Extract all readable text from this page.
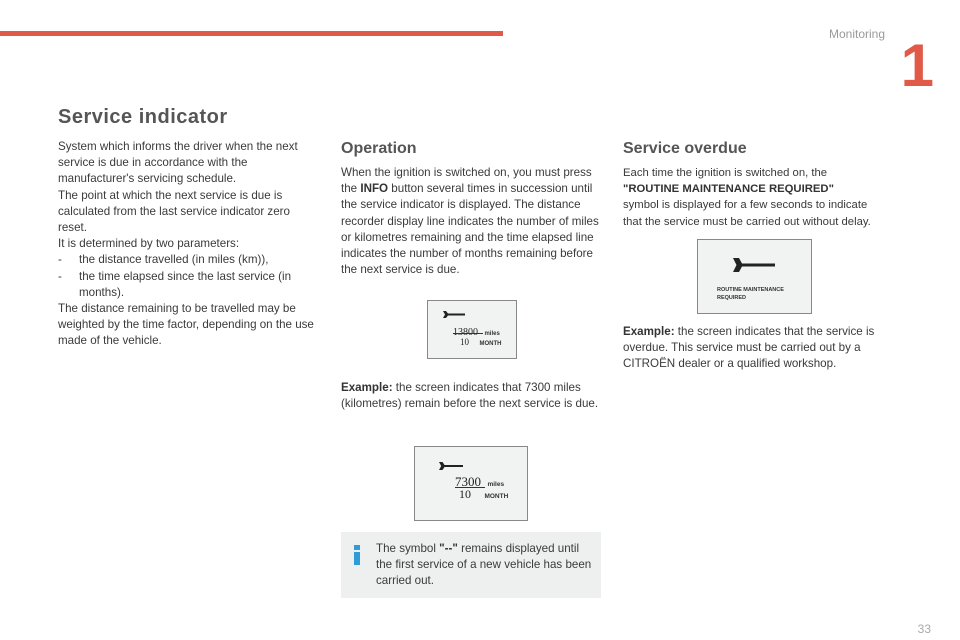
Monitoring 1
Service indicator

System which informs the driver when the next service is due in accordance with the manufacturer's servicing schedule.

The point at which the next service is due is calculated from the last service indicator zero reset.

It is determined by two parameters:

-	the distance travelled (in miles (km)),
-	the time elapsed since the last service (in months).

The distance remaining to be travelled may be weighted by the time factor, depending on the use made of the vehicle.

Operation
When the ignition is switched on, you must press the INFO button several times in succession until the service indicator is displayed. The distance recorder display line indicates the number of miles or kilometres remaining and the time elapsed line indicates the number of months remaining before the next service is due.
13800 miles
10 MONTH
Example: the screen indicates that 7300 miles (kilometres) remain before the next service is due.
7300 miles
10 MONTH
The symbol "--" remains displayed until the first service of a new vehicle has been carried out.
Service overdue
Each time the ignition is switched on, the
"ROUTINE MAINTENANCE REQUIRED"
symbol is displayed for a few seconds to indicate that the service must be carried out without delay.
ROUTINE MAINTENANCE
REQUIRED
Example: the screen indicates that the service is overdue. This service must be carried out by a CITROËN dealer or a qualified workshop.
33
